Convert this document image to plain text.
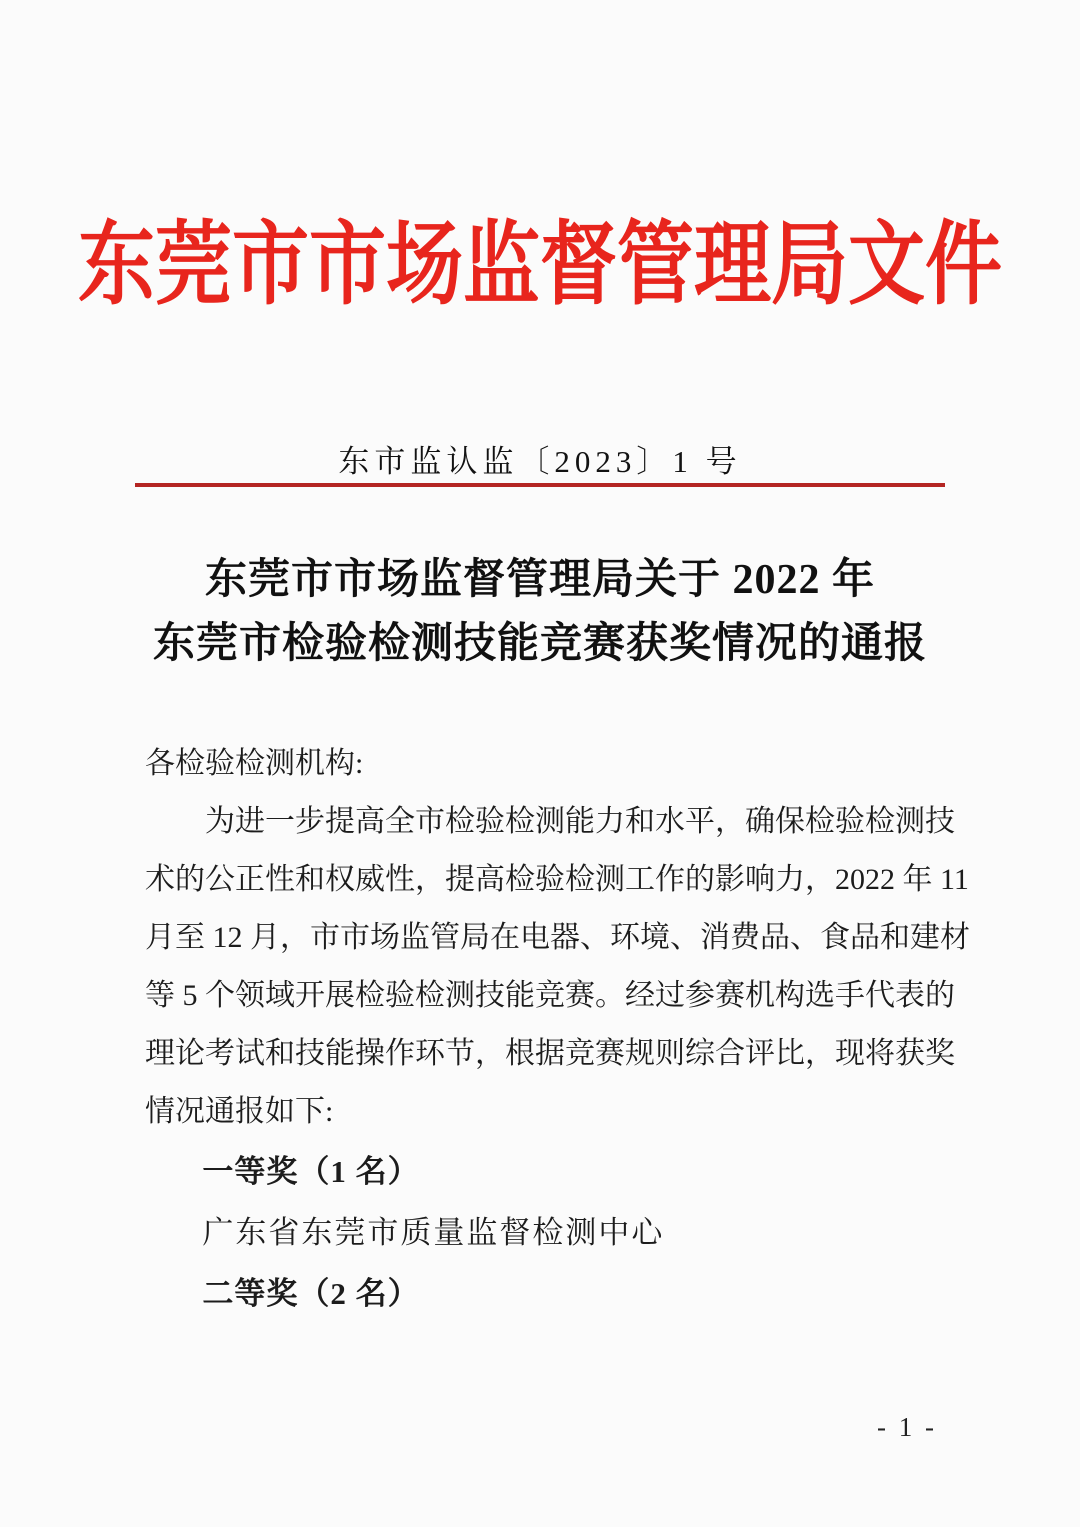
东莞市市场监督管理局文件
东市监认监〔2023〕1 号
东莞市市场监督管理局关于 2022 年
东莞市检验检测技能竞赛获奖情况的通报
各检验检测机构:
为进一步提高全市检验检测能力和水平，确保检验检测技
术的公正性和权威性，提高检验检测工作的影响力，2022 年 11
月至 12 月，市市场监管局在电器、环境、消费品、食品和建材
等 5 个领域开展检验检测技能竞赛。经过参赛机构选手代表的
理论考试和技能操作环节，根据竞赛规则综合评比，现将获奖
情况通报如下:
一等奖（1 名）
广东省东莞市质量监督检测中心
二等奖（2 名）
- 1 -
